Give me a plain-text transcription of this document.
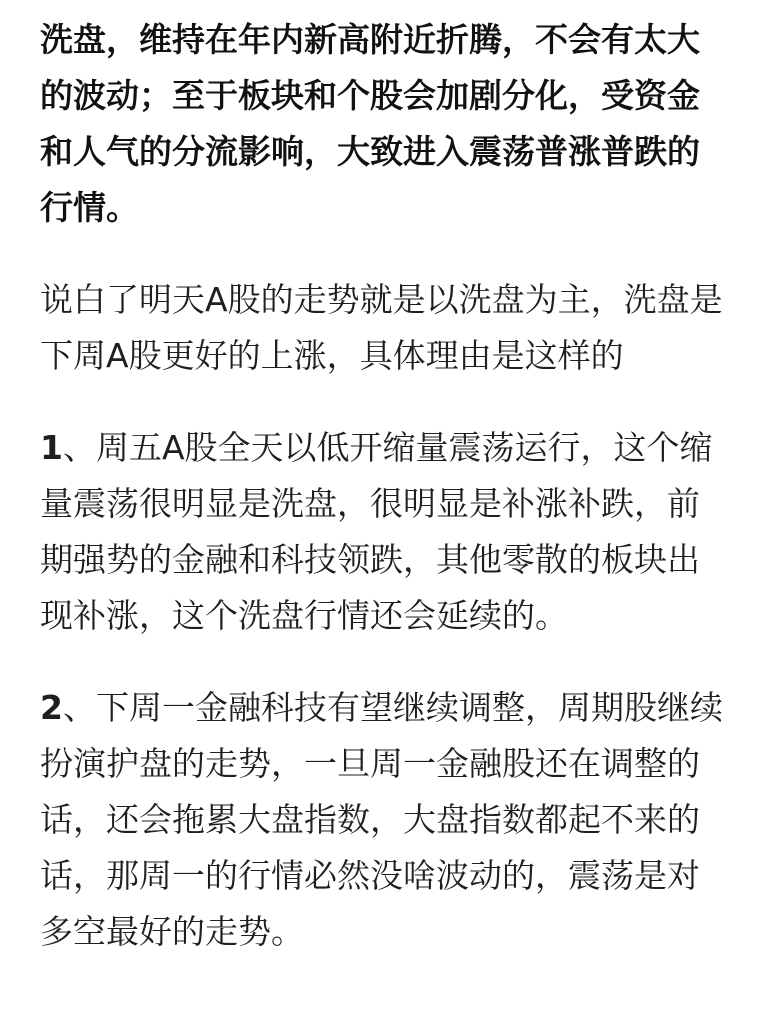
洗盘，维持在年内新高附近折腾，不会有太大的波动；至于板块和个股会加剧分化，受资金和人气的分流影响，大致进入震荡普涨普跌的行情。

说白了明天A股的走势就是以洗盘为主，洗盘是下周A股更好的上涨，具体理由是这样的

1、周五A股全天以低开缩量震荡运行，这个缩量震荡很明显是洗盘，很明显是补涨补跌，前期强势的金融和科技领跌，其他零散的板块出现补涨，这个洗盘行情还会延续的。

2、下周一金融科技有望继续调整，周期股继续扮演护盘的走势，一旦周一金融股还在调整的话，还会拖累大盘指数，大盘指数都起不来的话，那周一的行情必然没啥波动的，震荡是对多空最好的走势。
